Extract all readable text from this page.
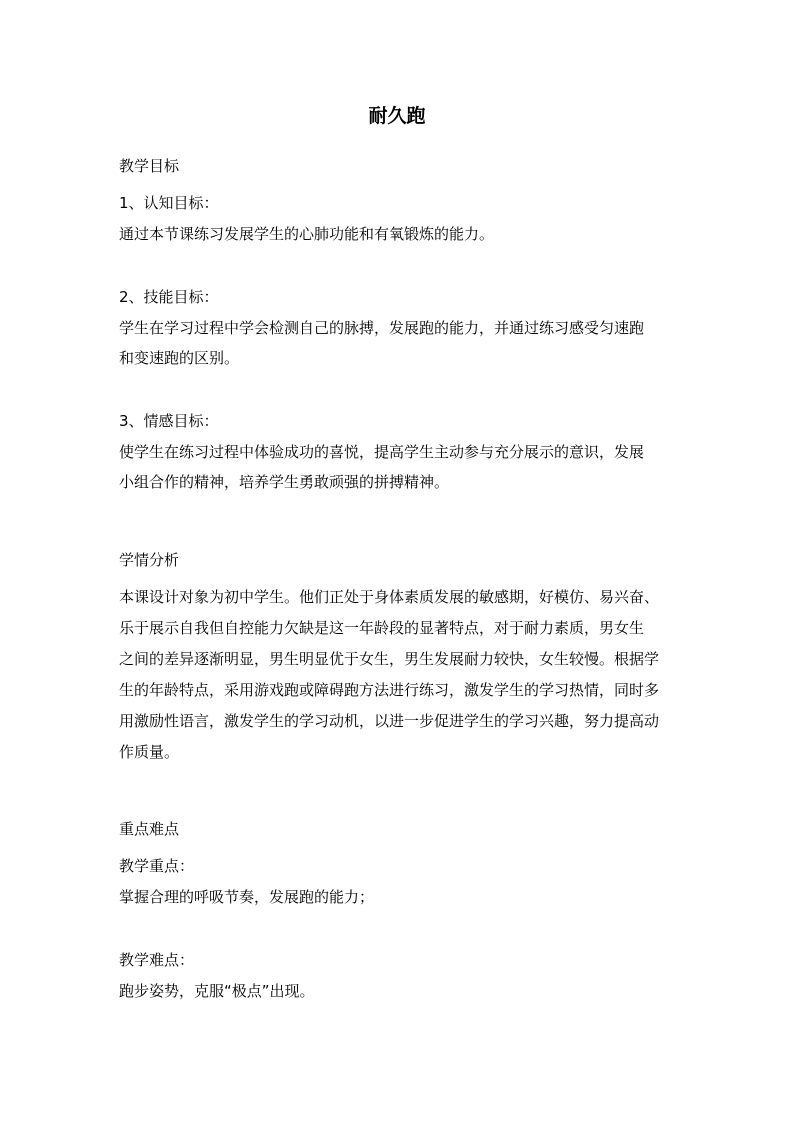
耐久跑
教学目标
1、认知目标：
通过本节课练习发展学生的心肺功能和有氧锻炼的能力。
2、技能目标：
学生在学习过程中学会检测自己的脉搏，发展跑的能力，并通过练习感受匀速跑
和变速跑的区别。
3、情感目标：
使学生在练习过程中体验成功的喜悦，提高学生主动参与充分展示的意识，发展
小组合作的精神，培养学生勇敢顽强的拼搏精神。
学情分析
本课设计对象为初中学生。他们正处于身体素质发展的敏感期，好模仿、易兴奋、
乐于展示自我但自控能力欠缺是这一年龄段的显著特点，对于耐力素质，男女生
之间的差异逐渐明显，男生明显优于女生，男生发展耐力较快，女生较慢。根据学
生的年龄特点，采用游戏跑或障碍跑方法进行练习，激发学生的学习热情，同时多
用激励性语言，激发学生的学习动机，以进一步促进学生的学习兴趣，努力提高动
作质量。
重点难点
教学重点：
掌握合理的呼吸节奏，发展跑的能力；
教学难点：
跑步姿势，克服“极点”出现。
